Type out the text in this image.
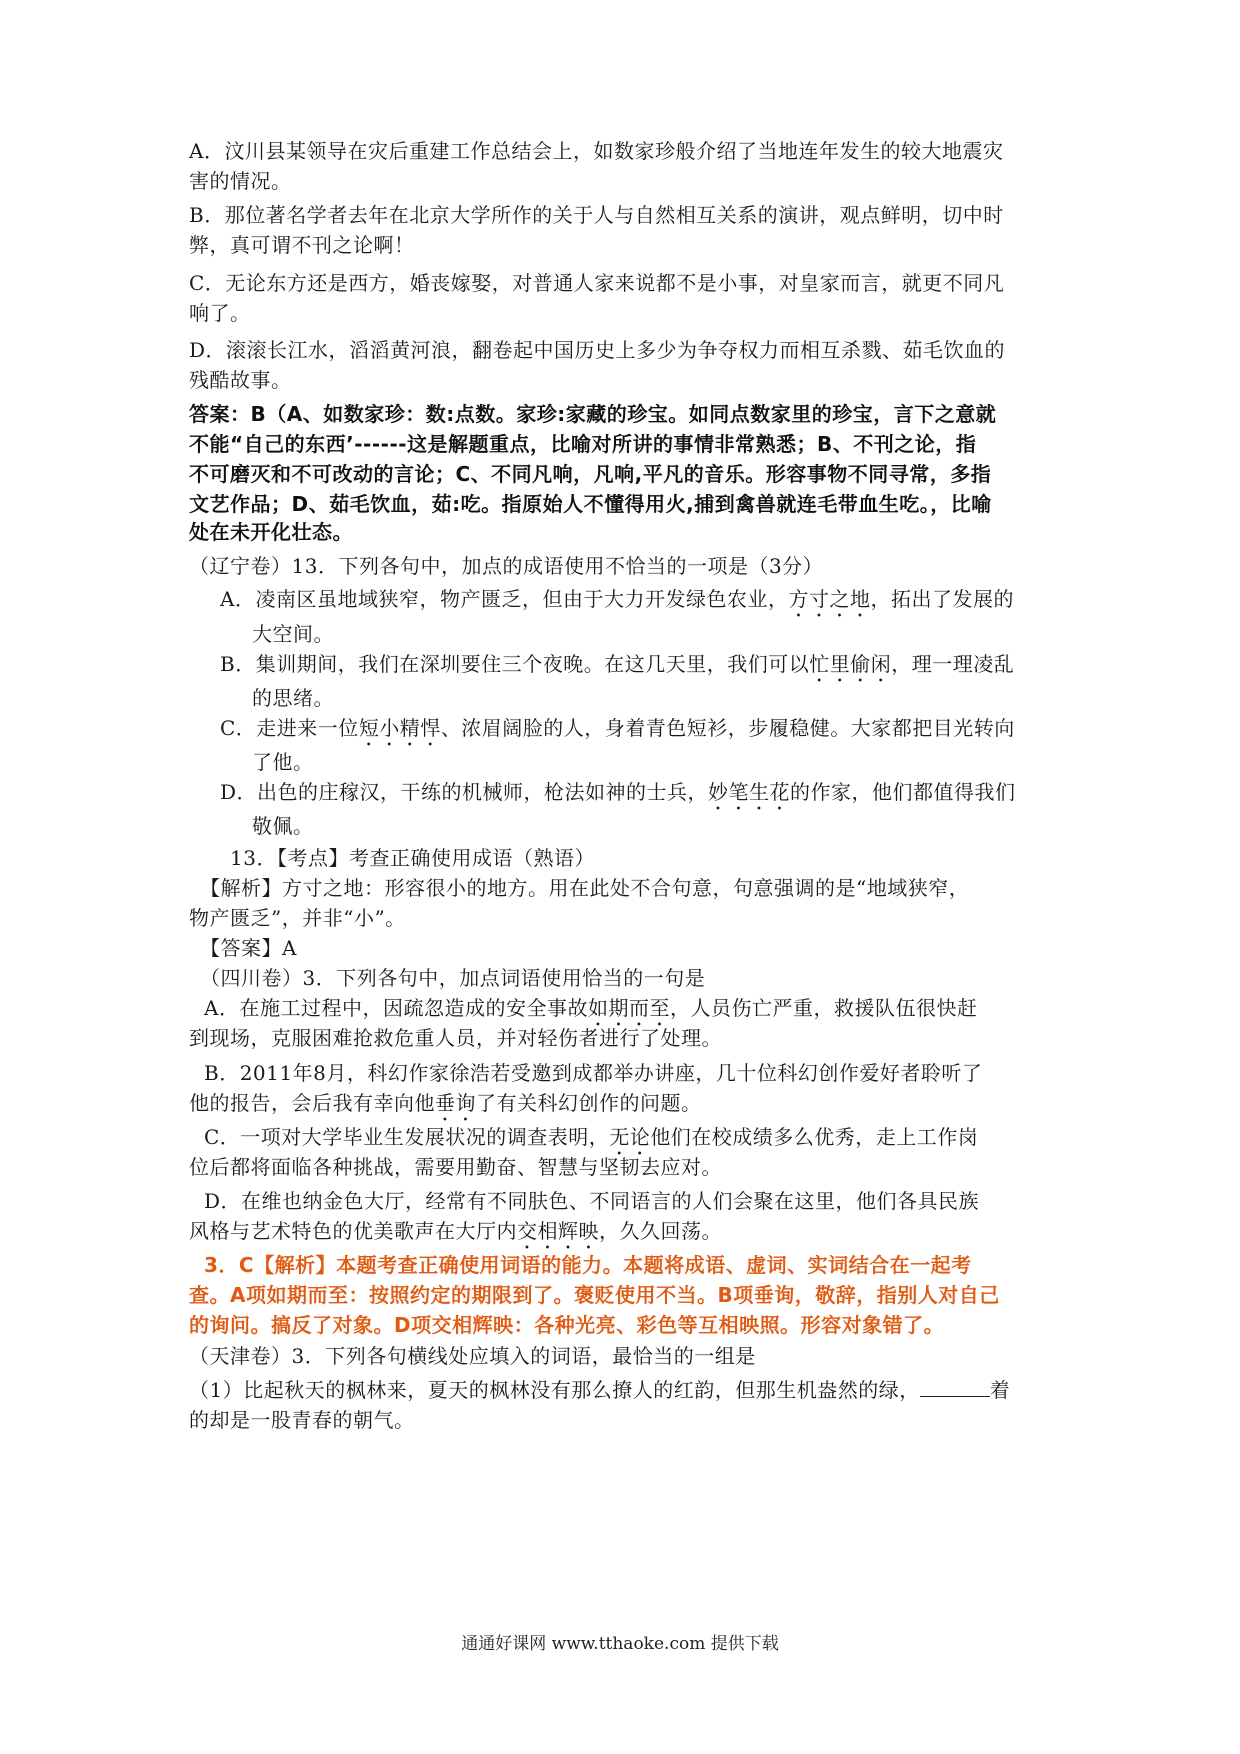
A．汶川县某领导在灾后重建工作总结会上，如数家珍般介绍了当地连年发生的较大地震灾
害的情况。
B．那位著名学者去年在北京大学所作的关于人与自然相互关系的演讲，观点鲜明，切中时
弊，真可谓不刊之论啊！
C．无论东方还是西方，婚丧嫁娶，对普通人家来说都不是小事，对皇家而言，就更不同凡
响了。
D．滚滚长江水，滔滔黄河浪，翻卷起中国历史上多少为争夺权力而相互杀戮、茹毛饮血的
残酷故事。
答案：B（A、如数家珍：数:点数。家珍:家藏的珍宝。如同点数家里的珍宝，言下之意就
不能“自己的东西’------这是解题重点，比喻对所讲的事情非常熟悉；B、不刊之论，指
不可磨灭和不可改动的言论；C、不同凡响，凡响,平凡的音乐。形容事物不同寻常，多指
文艺作品；D、茹毛饮血，茹:吃。指原始人不懂得用火,捕到禽兽就连毛带血生吃。，比喻
处在未开化壮态。
（辽宁卷）13．下列各句中，加点的成语使用不恰当的一项是（3分）
A．凌南区虽地域狭窄，物产匮乏，但由于大力开发绿色农业，方寸之地，拓出了发展的
大空间。
B．集训期间，我们在深圳要住三个夜晚。在这几天里，我们可以忙里偷闲，理一理凌乱
的思绪。
C．走进来一位短小精悍、浓眉阔脸的人，身着青色短衫，步履稳健。大家都把目光转向
了他。
D．出色的庄稼汉，干练的机械师，枪法如神的士兵，妙笔生花的作家，他们都值得我们
敬佩。
13．【考点】考查正确使用成语（熟语）
【解析】方寸之地：形容很小的地方。用在此处不合句意，句意强调的是“地域狭窄，
物产匮乏”，并非“小”。
【答案】A
（四川卷）3．下列各句中，加点词语使用恰当的一句是
A．在施工过程中，因疏忽造成的安全事故如期而至，人员伤亡严重，救援队伍很快赶
到现场，克服困难抢救危重人员，并对轻伤者进行了处理。
B．2011年8月，科幻作家徐浩若受邀到成都举办讲座，几十位科幻创作爱好者聆听了
他的报告，会后我有幸向他垂询了有关科幻创作的问题。
C．一项对大学毕业生发展状况的调查表明，无论他们在校成绩多么优秀，走上工作岗
位后都将面临各种挑战，需要用勤奋、智慧与坚韧去应对。
D．在维也纳金色大厅，经常有不同肤色、不同语言的人们会聚在这里，他们各具民族
风格与艺术特色的优美歌声在大厅内交相辉映，久久回荡。
3．C【解析】本题考查正确使用词语的能力。本题将成语、虚词、实词结合在一起考
查。A项如期而至：按照约定的期限到了。褒贬使用不当。B项垂询，敬辞，指别人对自己
的询问。搞反了对象。D项交相辉映：各种光亮、彩色等互相映照。形容对象错了。
（天津卷）3．下列各句横线处应填入的词语，最恰当的一组是
（1）比起秋天的枫林来，夏天的枫林没有那么撩人的红韵，但那生机盎然的绿，	着
的却是一股青春的朝气。
通通好课网 www.tthaoke.com 提供下载
